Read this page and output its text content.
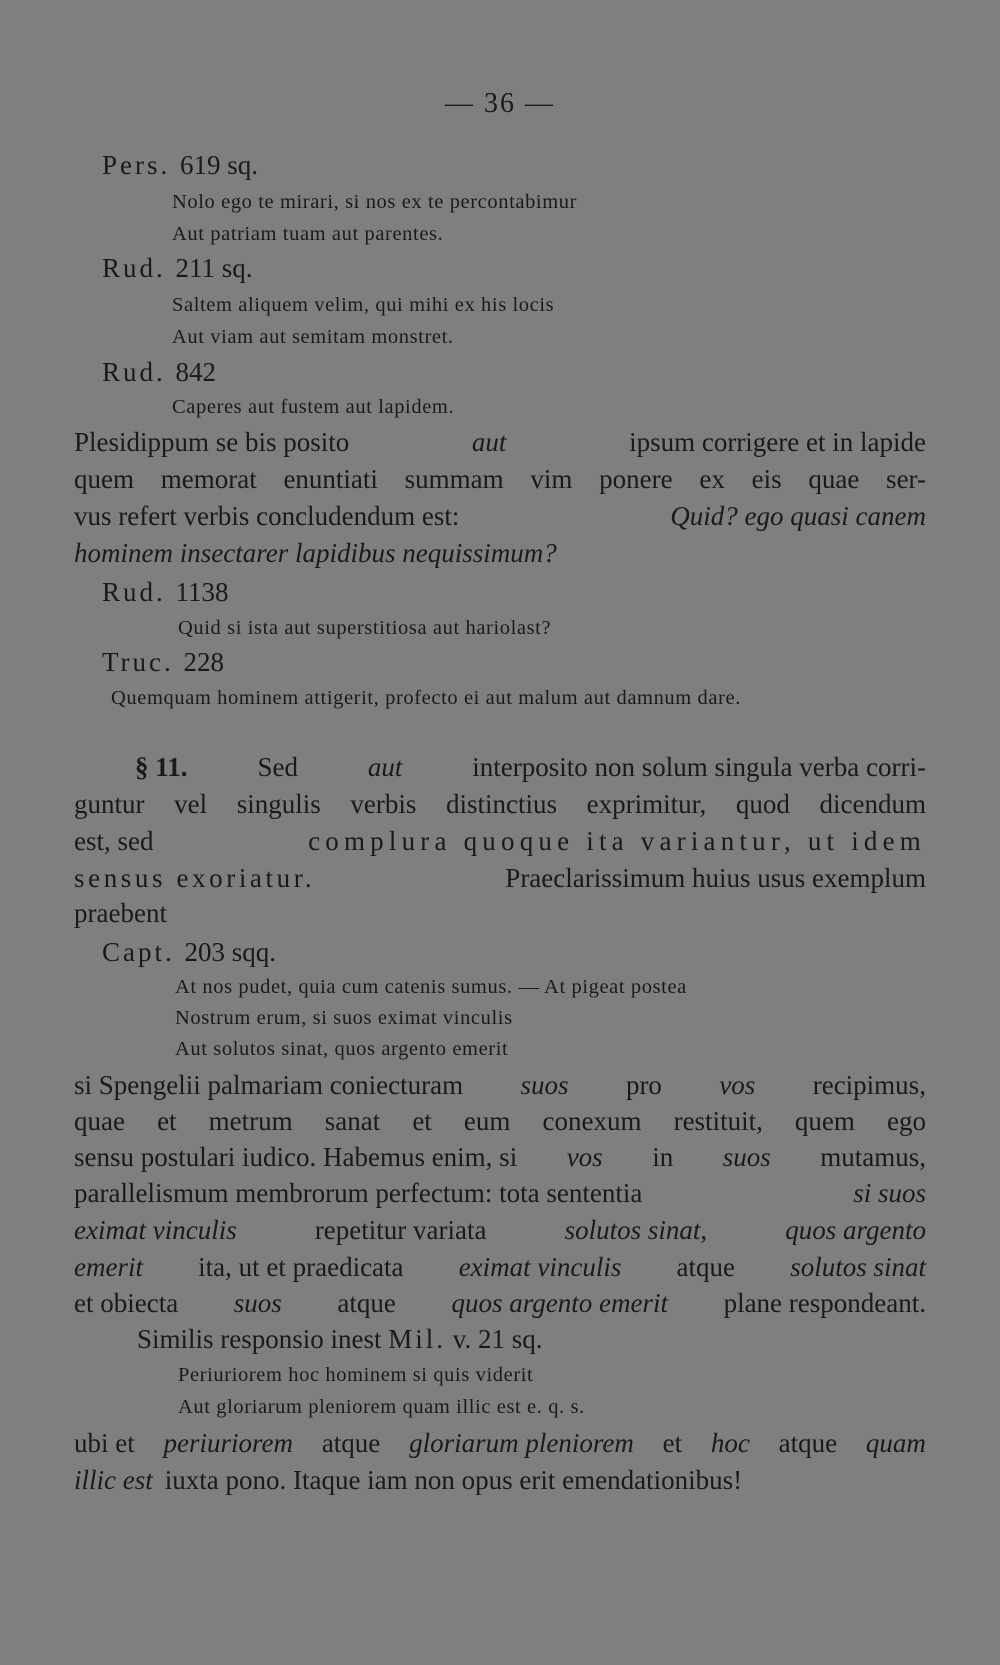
— 36 —
Pers. 619 sq.
Nolo ego te mirari, si nos ex te percontabimur
Aut patriam tuam aut parentes.
Rud. 211 sq.
Saltem aliquem velim, qui mihi ex his locis
Aut viam aut semitam monstret.
Rud. 842
Caperes aut fustem aut lapidem.
Plesidippum se bis posito	aut	ipsum corrigere et in lapide
quem memorat enuntiati summam vim ponere ex eis quae ser-
vus refert verbis concludendum est:	Quid? ego quasi canem
hominem insectarer lapidibus nequissimum?
Rud. 1138
Quid si ista aut superstitiosa aut hariolast?
Truc. 228
Quemquam hominem attigerit, profecto ei aut malum aut damnum dare.
§ 11.	Sed	aut	interposito non solum singula verba corri-
guntur vel singulis verbis distinctius exprimitur, quod dicendum
est, sed	complura quoque ita variantur, ut idem
sensus exoriatur.	Praeclarissimum huius usus exemplum
praebent
Capt. 203 sqq.
At nos pudet, quia cum catenis sumus. — At pigeat postea
Nostrum erum, si suos eximat vinculis
Aut solutos sinat, quos argento emerit
si Spengelii palmariam coniecturam suos pro vos recipimus,
quae et metrum sanat et eum conexum restituit, quem ego
sensu postulari iudico. Habemus enim, si vos in suos mutamus,
parallelismum membrorum perfectum: tota sententia	si suos
eximat vinculis	repetitur variata	solutos sinat,	quos argento
emerit ita, ut et praedicata eximat vinculis atque solutos sinat
et obiecta suos atque quos argento emerit plane respondeant.
Similis responsio inest Mil. v. 21 sq.
Periuriorem hoc hominem si quis viderit
Aut gloriarum pleniorem quam illic est e. q. s.
ubi et periuriorem atque gloriarum pleniorem et hoc atque quam
illic est iuxta pono. Itaque iam non opus erit emendationibus!
